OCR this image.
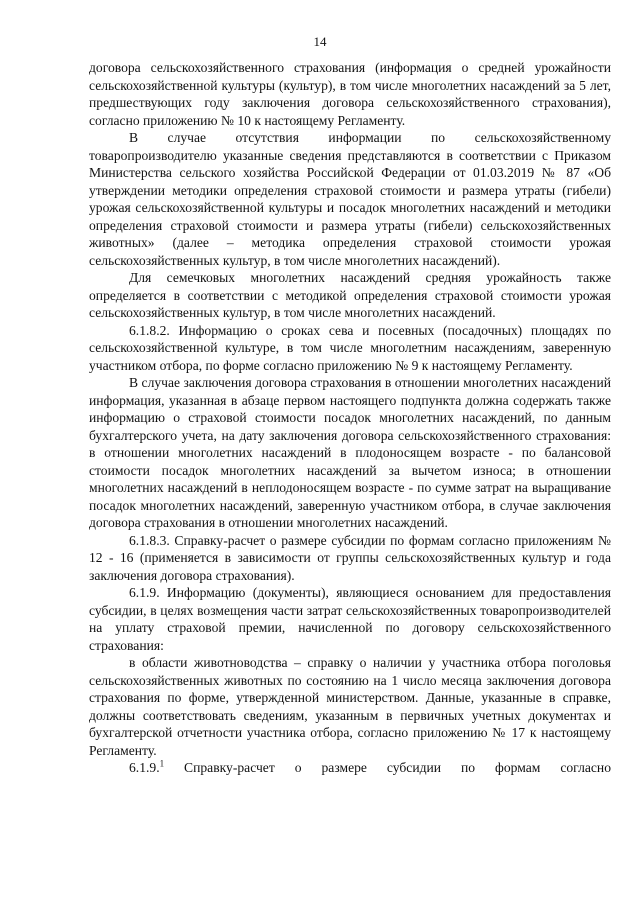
14

договора сельскохозяйственного страхования (информация о средней урожайности сельскохозяйственной культуры (культур), в том числе многолетних насаждений за 5 лет, предшествующих году заключения договора сельскохозяйственного страхования), согласно приложению № 10 к настоящему Регламенту.

В случае отсутствия информации по сельскохозяйственному товаропроизводителю указанные сведения представляются в соответствии с Приказом Министерства сельского хозяйства Российской Федерации от 01.03.2019 № 87 «Об утверждении методики определения страховой стоимости и размера утраты (гибели) урожая сельскохозяйственной культуры и посадок многолетних насаждений и методики определения страховой стоимости и размера утраты (гибели) сельскохозяйственных животных» (далее – методика определения страховой стоимости урожая сельскохозяйственных культур, в том числе многолетних насаждений).

Для семечковых многолетних насаждений средняя урожайность также определяется в соответствии с методикой определения страховой стоимости урожая сельскохозяйственных культур, в том числе многолетних насаждений.

6.1.8.2. Информацию о сроках сева и посевных (посадочных) площадях по сельскохозяйственной культуре, в том числе многолетним насаждениям, заверенную участником отбора, по форме согласно приложению № 9 к настоящему Регламенту.

В случае заключения договора страхования в отношении многолетних насаждений информация, указанная в абзаце первом настоящего подпункта должна содержать также информацию о страховой стоимости посадок многолетних насаждений, по данным бухгалтерского учета, на дату заключения договора сельскохозяйственного страхования: в отношении многолетних насаждений в плодоносящем возрасте - по балансовой стоимости посадок многолетних насаждений за вычетом износа; в отношении многолетних насаждений в неплодоносящем возрасте - по сумме затрат на выращивание посадок многолетних насаждений, заверенную участником отбора, в случае заключения договора страхования в отношении многолетних насаждений.

6.1.8.3. Справку-расчет о размере субсидии по формам согласно приложениям № 12 - 16 (применяется в зависимости от группы сельскохозяйственных культур и года заключения договора страхования).

6.1.9. Информацию (документы), являющиеся основанием для предоставления субсидии, в целях возмещения части затрат сельскохозяйственных товаропроизводителей на уплату страховой премии, начисленной по договору сельскохозяйственного страхования:

в области животноводства – справку о наличии у участника отбора поголовья сельскохозяйственных животных по состоянию на 1 число месяца заключения договора страхования по форме, утвержденной министерством. Данные, указанные в справке, должны соответствовать сведениям, указанным в первичных учетных документах и бухгалтерской отчетности участника отбора, согласно приложению № 17 к настоящему Регламенту.

6.1.9.$^1$ Справку-расчет о размере субсидии по формам согласно
